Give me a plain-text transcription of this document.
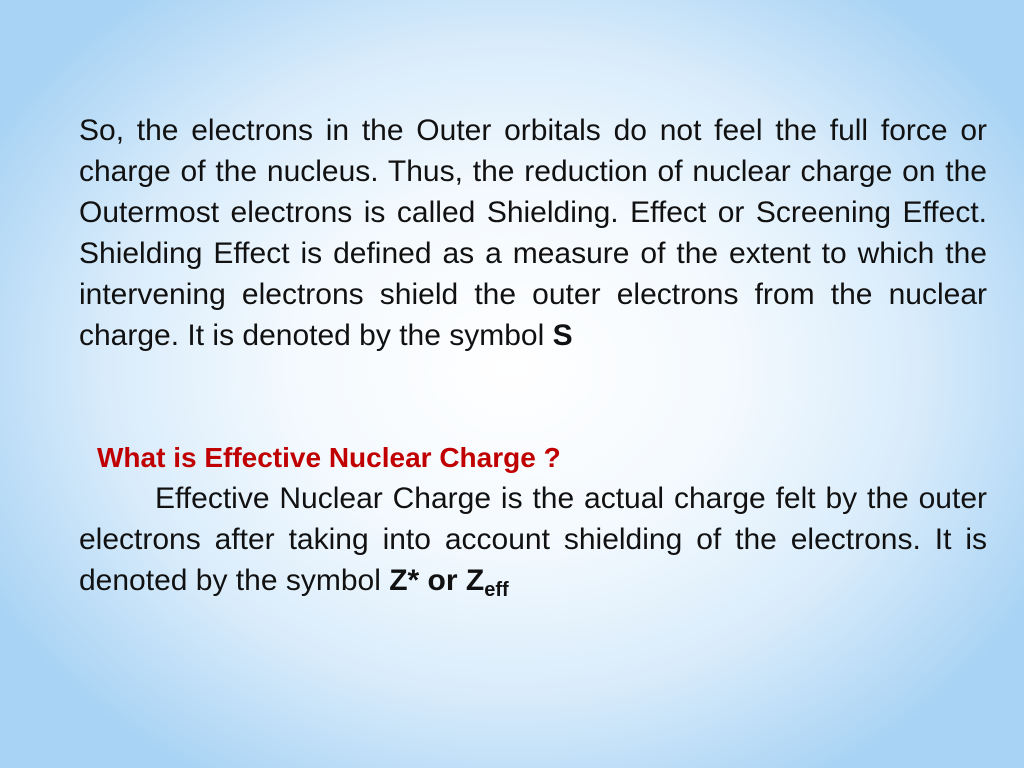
So, the electrons in the Outer orbitals do not feel the full force or charge of the nucleus. Thus, the reduction of nuclear charge on the Outermost electrons is called Shielding. Effect or Screening Effect. Shielding Effect is defined as a measure of the extent to which the intervening electrons shield the outer electrons from the nuclear charge. It is denoted by the symbol S

What is Effective Nuclear Charge ?

Effective Nuclear Charge is the actual charge felt by the outer electrons after taking into account shielding of the electrons. It is denoted by the symbol Z* or $Z_{eff}$
